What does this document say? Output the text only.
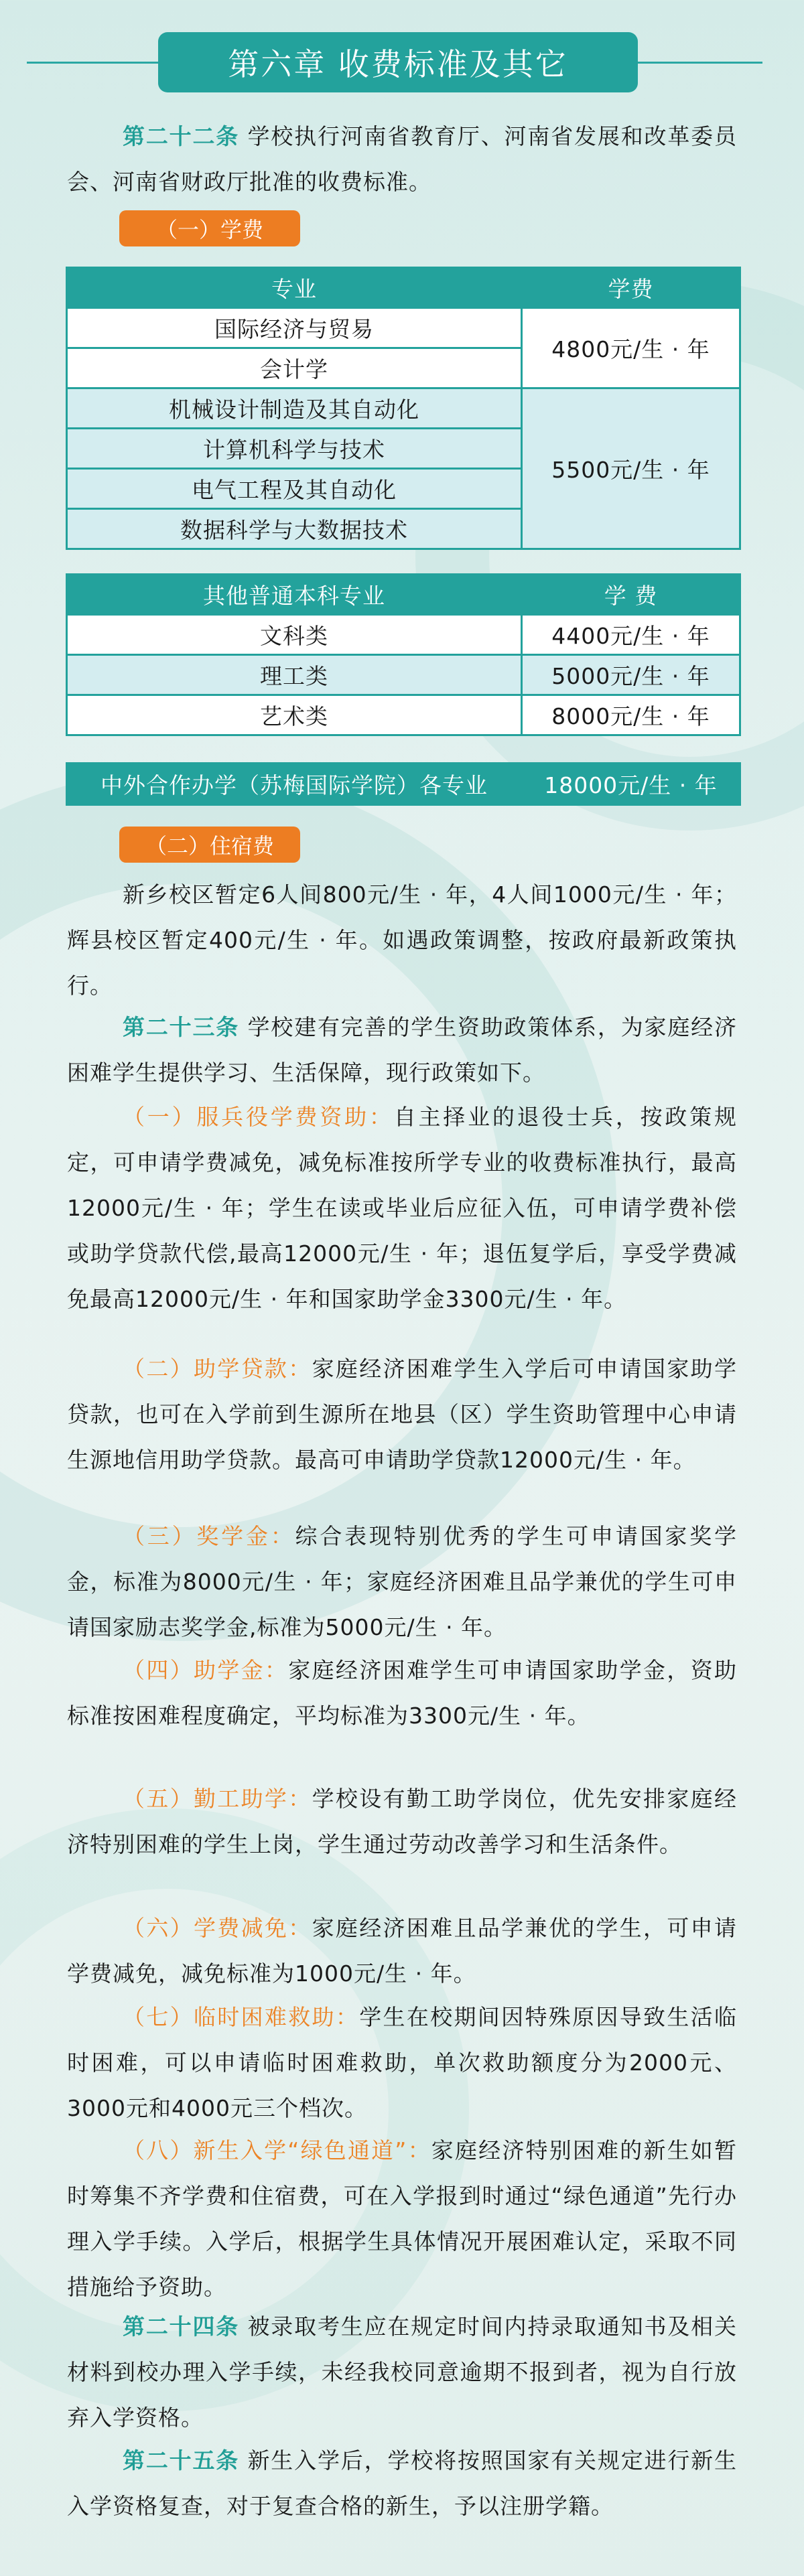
第六章 收费标准及其它

第二十二条 学校执行河南省教育厅、河南省发展和改革委员会、河南省财政厅批准的收费标准。

（一）学费
专业	学费
国际经济与贸易	4800元/生 · 年
会计学	
机械设计制造及其自动化	5500元/生 · 年
计算机科学与技术	
电气工程及其自动化	
数据科学与大数据技术	
其他普通本科专业	学 费
文科类	4400元/生 · 年
理工类	5000元/生 · 年
艺术类	8000元/生 · 年
中外合作办学（苏梅国际学院）各专业	18000元/生 · 年
（二）住宿费

新乡校区暂定6人间800元/生 · 年，4人间1000元/生 · 年；辉县校区暂定400元/生 · 年。如遇政策调整，按政府最新政策执行。

第二十三条 学校建有完善的学生资助政策体系，为家庭经济困难学生提供学习、生活保障，现行政策如下。

（一）服兵役学费资助：自主择业的退役士兵，按政策规定，可申请学费减免，减免标准按所学专业的收费标准执行，最高12000元/生 · 年；学生在读或毕业后应征入伍，可申请学费补偿或助学贷款代偿,最高12000元/生 · 年；退伍复学后，享受学费减免最高12000元/生 · 年和国家助学金3300元/生 · 年。

（二）助学贷款：家庭经济困难学生入学后可申请国家助学贷款，也可在入学前到生源所在地县（区）学生资助管理中心申请生源地信用助学贷款。最高可申请助学贷款12000元/生 · 年。

（三）奖学金：综合表现特别优秀的学生可申请国家奖学金，标准为8000元/生 · 年；家庭经济困难且品学兼优的学生可申请国家励志奖学金,标准为5000元/生 · 年。

（四）助学金：家庭经济困难学生可申请国家助学金，资助标准按困难程度确定，平均标准为3300元/生 · 年。

（五）勤工助学：学校设有勤工助学岗位，优先安排家庭经济特别困难的学生上岗，学生通过劳动改善学习和生活条件。

（六）学费减免：家庭经济困难且品学兼优的学生，可申请学费减免，减免标准为1000元/生 · 年。

（七）临时困难救助：学生在校期间因特殊原因导致生活临时困难，可以申请临时困难救助，单次救助额度分为2000元、3000元和4000元三个档次。

（八）新生入学“绿色通道”：家庭经济特别困难的新生如暂时筹集不齐学费和住宿费，可在入学报到时通过“绿色通道”先行办理入学手续。入学后，根据学生具体情况开展困难认定，采取不同措施给予资助。

第二十四条 被录取考生应在规定时间内持录取通知书及相关材料到校办理入学手续，未经我校同意逾期不报到者，视为自行放弃入学资格。

第二十五条 新生入学后，学校将按照国家有关规定进行新生入学资格复查，对于复查合格的新生，予以注册学籍。
